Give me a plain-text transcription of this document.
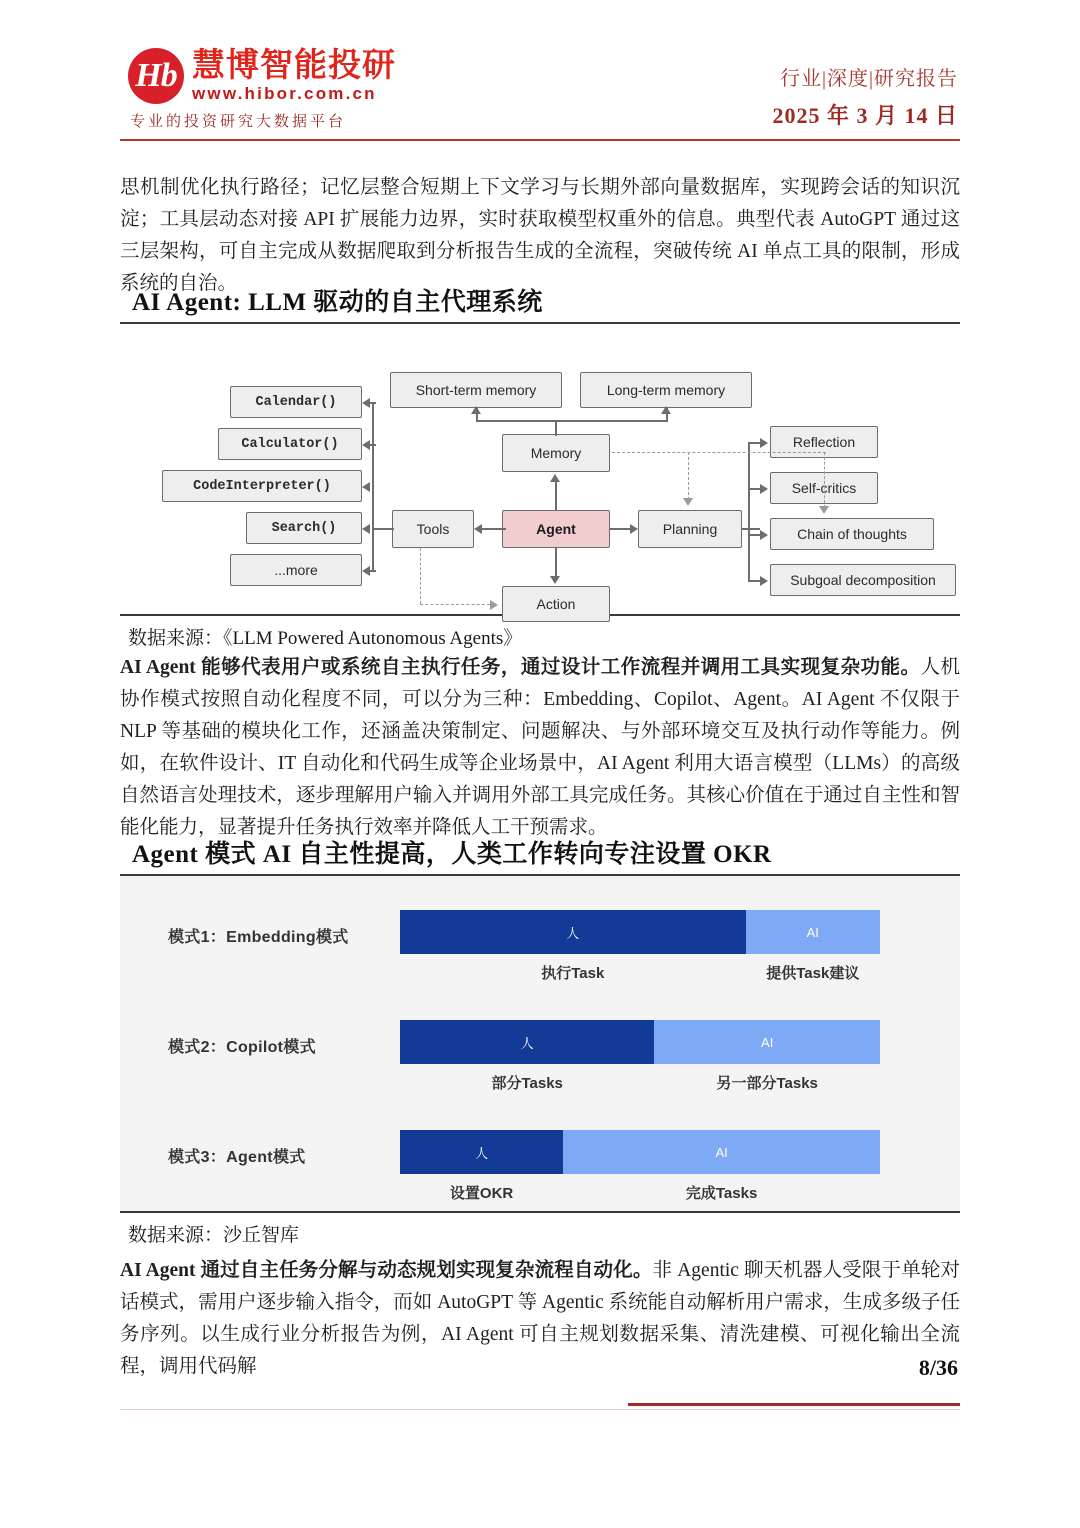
Hb 慧博智能投研
www.hibor.com.cn
专业的投资研究大数据平台
行业|深度|研究报告
2025 年 3 月 14 日

思机制优化执行路径；记忆层整合短期上下文学习与长期外部向量数据库，实现跨会话的知识沉淀；工具层动态对接 API 扩展能力边界，实时获取模型权重外的信息。典型代表 AutoGPT 通过这三层架构，可自主完成从数据爬取到分析报告生成的全流程，突破传统 AI 单点工具的限制，形成系统的自治。

AI Agent: LLM 驱动的自主代理系统
Short-term memory	Long-term memory
Memory
Agent
Action
Tools	Planning
Calendar()
Calculator()
CodeInterpreter()
Search()
...more
Reflection
Self-critics
Chain of thoughts
Subgoal decomposition
数据来源：《LLM Powered Autonomous Agents》

AI Agent 能够代表用户或系统自主执行任务，通过设计工作流程并调用工具实现复杂功能。人机协作模式按照自动化程度不同，可以分为三种：Embedding、Copilot、Agent。AI Agent 不仅限于 NLP 等基础的模块化工作，还涵盖决策制定、问题解决、与外部环境交互及执行动作等能力。例如，在软件设计、IT 自动化和代码生成等企业场景中，AI Agent 利用大语言模型（LLMs）的高级自然语言处理技术，逐步理解用户输入并调用外部工具完成任务。其核心价值在于通过自主性和智能化能力，显著提升任务执行效率并降低人工干预需求。

Agent 模式 AI 自主性提高，人类工作转向专注设置 OKR
模式1：Embedding模式	人	AI
执行Task	提供Task建议
模式2：Copilot模式	人	AI
部分Tasks	另一部分Tasks
模式3：Agent模式	人	AI
设置OKR	完成Tasks
数据来源：沙丘智库

AI Agent 通过自主任务分解与动态规划实现复杂流程自动化。非 Agentic 聊天机器人受限于单轮对话模式，需用户逐步输入指令，而如 AutoGPT 等 Agentic 系统能自动解析用户需求，生成多级子任务序列。以生成行业分析报告为例，AI Agent 可自主规划数据采集、清洗建模、可视化输出全流程，调用代码解	8/36
